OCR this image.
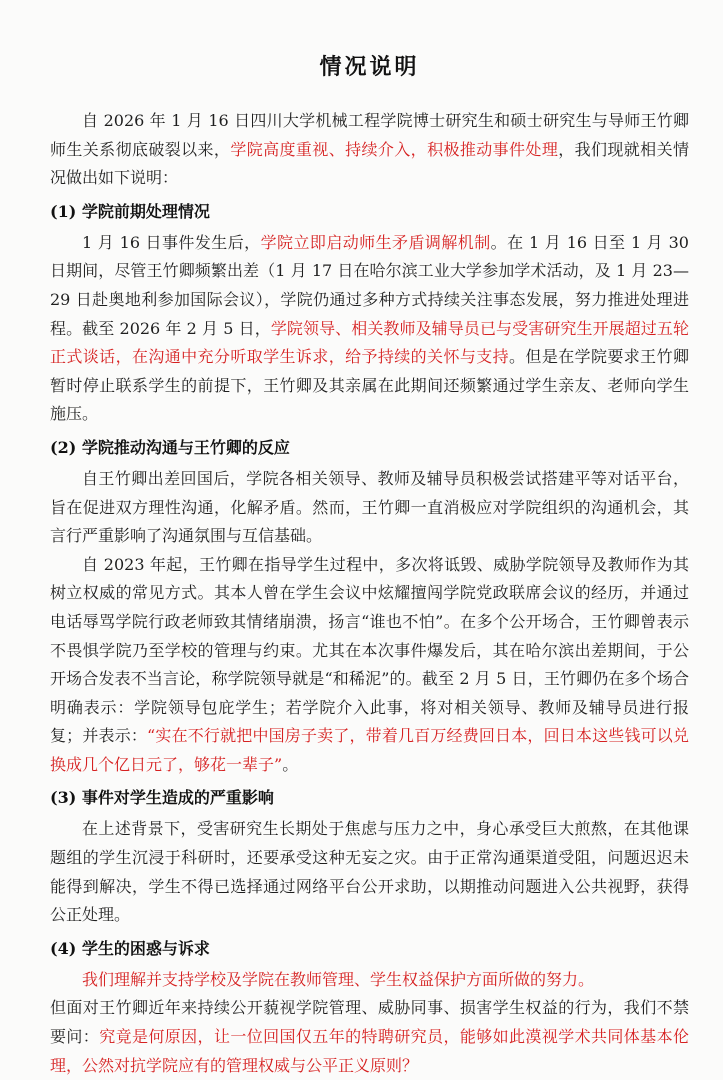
情况说明

自 2026 年 1 月 16 日四川大学机械工程学院博士研究生和硕士研究生与导师王竹卿师生关系彻底破裂以来，学院高度重视、持续介入，积极推动事件处理，我们现就相关情况做出如下说明：

(1) 学院前期处理情况

1 月 16 日事件发生后，学院立即启动师生矛盾调解机制。在 1 月 16 日至 1 月 30 日期间，尽管王竹卿频繁出差（1 月 17 日在哈尔滨工业大学参加学术活动，及 1 月 23—29 日赴奥地利参加国际会议），学院仍通过多种方式持续关注事态发展，努力推进处理进程。截至 2026 年 2 月 5 日，学院领导、相关教师及辅导员已与受害研究生开展超过五轮正式谈话，在沟通中充分听取学生诉求，给予持续的关怀与支持。但是在学院要求王竹卿暂时停止联系学生的前提下，王竹卿及其亲属在此期间还频繁通过学生亲友、老师向学生施压。

(2) 学院推动沟通与王竹卿的反应

自王竹卿出差回国后，学院各相关领导、教师及辅导员积极尝试搭建平等对话平台，旨在促进双方理性沟通，化解矛盾。然而，王竹卿一直消极应对学院组织的沟通机会，其言行严重影响了沟通氛围与互信基础。

自 2023 年起，王竹卿在指导学生过程中，多次将诋毁、威胁学院领导及教师作为其树立权威的常见方式。其本人曾在学生会议中炫耀擅闯学院党政联席会议的经历，并通过电话辱骂学院行政老师致其情绪崩溃，扬言“谁也不怕”。在多个公开场合，王竹卿曾表示不畏惧学院乃至学校的管理与约束。尤其在本次事件爆发后，其在哈尔滨出差期间，于公开场合发表不当言论，称学院领导就是“和稀泥”的。截至 2 月 5 日，王竹卿仍在多个场合明确表示：学院领导包庇学生；若学院介入此事，将对相关领导、教师及辅导员进行报复；并表示：“实在不行就把中国房子卖了，带着几百万经费回日本，回日本这些钱可以兑换成几个亿日元了，够花一辈子”。

(3) 事件对学生造成的严重影响

在上述背景下，受害研究生长期处于焦虑与压力之中，身心承受巨大煎熬，在其他课题组的学生沉浸于科研时，还要承受这种无妄之灾。由于正常沟通渠道受阻，问题迟迟未能得到解决，学生不得已选择通过网络平台公开求助，以期推动问题进入公共视野，获得公正处理。

(4) 学生的困惑与诉求

我们理解并支持学校及学院在教师管理、学生权益保护方面所做的努力。

但面对王竹卿近年来持续公开藐视学院管理、威胁同事、损害学生权益的行为，我们不禁要问：究竟是何原因，让一位回国仅五年的特聘研究员，能够如此漠视学术共同体基本伦理，公然对抗学院应有的管理权威与公平正义原则？
